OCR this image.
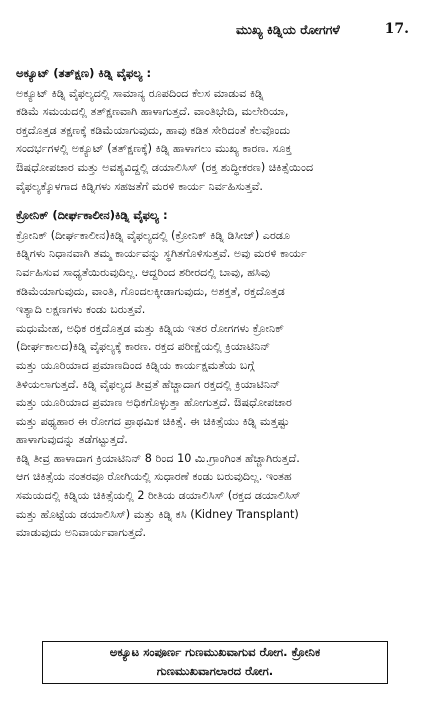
ಮುಖ್ಯ ಕಿಡ್ನಿಯ ರೋಗಗಳೆ	17.
ಅಕ್ಯೂಟ್ (ತತ್ಕ್ಷಣ) ಕಿಡ್ನಿ ವೈಫಲ್ಯ :
ಅಕ್ಯೂಟ್ ಕಿಡ್ನಿ ವೈಫಲ್ಯದಲ್ಲಿ ಸಾಮಾನ್ಯ ರೂಪದಿಂದ ಕೆಲಸ ಮಾಡುವ ಕಿಡ್ನಿ
ಕಡಿಮೆ ಸಮಯದಲ್ಲಿ ತತ್‌ಕ್ಷಣವಾಗಿ ಹಾಳಾಗುತ್ತದೆ. ವಾಂತಿಭೇದಿ, ಮಲೇರಿಯಾ,
ರಕ್ತದೊತ್ತಡ ತಕ್ಷಣಕ್ಕೆ ಕಡಿಮೆಯಾಗುವುದು, ಹಾವು ಕಡಿತ ಸೇರಿದಂತೆ ಕೆಲವೊಂದು
ಸಂದರ್ಭಗಳಲ್ಲಿ ಅಕ್ಯೂಟ್ (ತತ್ಕ್ಷಣಕ್ಕೆ) ಕಿಡ್ನಿ ಹಾಳಾಗಲು ಮುಖ್ಯ ಕಾರಣ. ಸೂಕ್ತ
ಔಷಧೋಪಚಾರ ಮತ್ತು ಅವಶ್ಯವಿದ್ದಲ್ಲಿ ಡಯಾಲಿಸಿಸ್ (ರಕ್ತ ಶುದ್ಧೀಕರಣ) ಚಿಕಿತ್ಸೆಯಿಂದ
ವೈಫಲ್ಯಕ್ಕೊಳಗಾದ ಕಿಡ್ನಿಗಳು ಸಹಜತೆಗೆ ಮರಳಿ ಕಾರ್ಯ ನಿರ್ವಹಿಸುತ್ತವೆ.
ಕ್ರೋನಿಕ್ (ದೀರ್ಘಕಾಲೀನ)ಕಿಡ್ನಿ ವೈಫಲ್ಯ :
ಕ್ರೋನಿಕ್ (ದೀರ್ಘಕಾಲೀನ)ಕಿಡ್ನಿ ವೈಫಲ್ಯದಲ್ಲಿ (ಕ್ರೋನಿಕ್ ಕಿಡ್ನಿ ಡಿಸೀಜ್) ಎರಡೂ
ಕಿಡ್ನಿಗಳು ನಿಧಾನವಾಗಿ ತಮ್ಮ ಕಾರ್ಯವನ್ನು ಸ್ಥಗಿತಗೊಳಿಸುತ್ತವೆ. ಅವು ಮರಳಿ ಕಾರ್ಯ
ನಿರ್ವಹಿಸುವ ಸಾಧ್ಯತೆಯಿರುವುದಿಲ್ಲ. ಆದ್ದರಿಂದ ಶರೀರದಲ್ಲಿ ಬಾವು, ಹಸಿವು
ಕಡಿಮೆಯಾಗುವುದು, ವಾಂತಿ, ಗೊಂದಲಕ್ಕೀಡಾಗುವುದು, ಅಶಕ್ತತೆ, ರಕ್ತದೊತ್ತಡ
ಇತ್ಯಾದಿ ಲಕ್ಷಣಗಳು ಕಂಡು ಬರುತ್ತವೆ.
ಮಧುಮೇಹ, ಅಧಿಕ ರಕ್ತದೊತ್ತಡ ಮತ್ತು ಕಿಡ್ನಿಯ ಇತರ ರೋಗಗಳು ಕ್ರೋನಿಕ್
(ದೀರ್ಘಕಾಲದ)ಕಿಡ್ನಿ ವೈಫಲ್ಯಕ್ಕೆ ಕಾರಣ. ರಕ್ತದ ಪರೀಕ್ಷೆಯಲ್ಲಿ ಕ್ರಿಯಾಟಿನಿನ್
ಮತ್ತು ಯೂರಿಯಾದ ಪ್ರಮಾಣದಿಂದ ಕಿಡ್ನಿಯ ಕಾರ್ಯಕ್ಷಮತೆಯ ಬಗ್ಗೆ
ತಿಳಿಯಲಾಗುತ್ತದೆ. ಕಿಡ್ನಿ ವೈಫಲ್ಯದ ತೀವ್ರತೆ ಹೆಚ್ಚಾದಾಗ ರಕ್ತದಲ್ಲಿ ಕ್ರಿಯಾಟಿನಿನ್
ಮತ್ತು ಯೂರಿಯಾದ ಪ್ರಮಾಣ ಅಧಿಕಗೊಳ್ಳುತ್ತಾ ಹೋಗುತ್ತದೆ. ಔಷಧೋಪಚಾರ
ಮತ್ತು ಪಥ್ಯಹಾರ ಈ ರೋಗದ ಪ್ರಾಥಮಿಕ ಚಿಕಿತ್ಸೆ. ಈ ಚಿಕಿತ್ಸೆಯು ಕಿಡ್ನಿ ಮತ್ತಷ್ಟು
ಹಾಳಾಗುವುದನ್ನು ತಡೆಗಟ್ಟುತ್ತದೆ.
ಕಿಡ್ನಿ ತೀವ್ರ ಹಾಳಾದಾಗ ಕ್ರಿಯಾಟಿನಿನ್ 8 ರಿಂದ 10 ಮಿ.ಗ್ರಾಂಗಿಂತ ಹೆಚ್ಚಾಗಿರುತ್ತದೆ.
ಆಗ ಚಿಕಿತ್ಸೆಯ ನಂತರವೂ ರೋಗಿಯಲ್ಲಿ ಸುಧಾರಣೆ ಕಂಡು ಬರುವುದಿಲ್ಲ. ಇಂತಹ
ಸಮಯದಲ್ಲಿ ಕಿಡ್ನಿಯ ಚಿಕಿತ್ಸೆಯಲ್ಲಿ 2 ರೀತಿಯ ಡಯಾಲಿಸಿಸ್ (ರಕ್ತದ ಡಯಾಲಿಸಿಸ್
ಮತ್ತು ಹೊಟ್ಟೆಯ ಡಯಾಲಿಸಿಸ್) ಮತ್ತು ಕಿಡ್ನಿ ಕಸಿ (Kidney Transplant)
ಮಾಡುವುದು ಅನಿವಾರ್ಯವಾಗುತ್ತದೆ.
ಅಕ್ಯೂಟ ಸಂಪೂರ್ಣ ಗುಣಮುಖವಾಗುವ ರೋಗ. ಕ್ರೋನಿಕ
ಗುಣಮುಖವಾಗಲಾರದ ರೋಗ.
